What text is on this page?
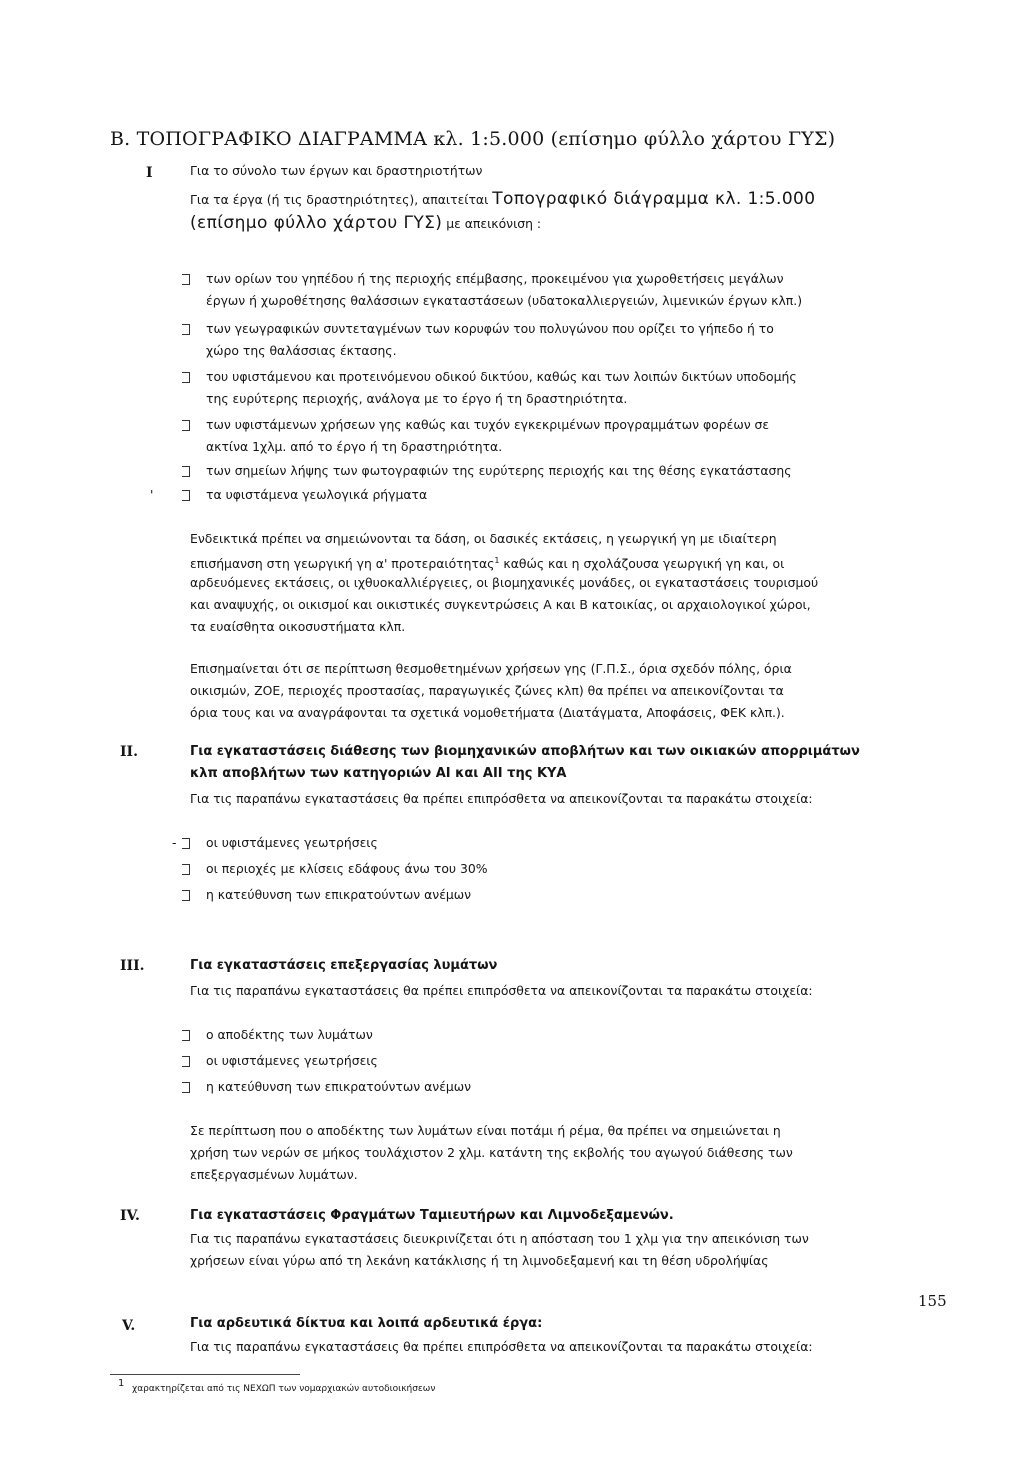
Β. ΤΟΠΟΓΡΑΦΙΚΟ ΔΙΑΓΡΑΜΜΑ κλ. 1:5.000 (επίσημο φύλλο χάρτου ΓΥΣ)
Ι	Για το σύνολο των έργων και δραστηριοτήτων
Για τα έργα (ή τις δραστηριότητες), απαιτείται Τοπογραφικό διάγραμμα κλ. 1:5.000
(επίσημο φύλλο χάρτου ΓΥΣ) με απεικόνιση :
των ορίων του γηπέδου ή της περιοχής επέμβασης, προκειμένου για χωροθετήσεις μεγάλων
έργων ή χωροθέτησης θαλάσσιων εγκαταστάσεων (υδατοκαλλιεργειών, λιμενικών έργων κλπ.)
των γεωγραφικών συντεταγμένων των κορυφών του πολυγώνου που ορίζει το γήπεδο ή το
χώρο της θαλάσσιας έκτασης.
του υφιστάμενου και προτεινόμενου οδικού δικτύου, καθώς και των λοιπών δικτύων υποδομής
της ευρύτερης περιοχής, ανάλογα με το έργο ή τη δραστηριότητα.
των υφιστάμενων χρήσεων γης καθώς και τυχόν εγκεκριμένων προγραμμάτων φορέων σε
ακτίνα 1χλμ. από το έργο ή τη δραστηριότητα.
των σημείων λήψης των φωτογραφιών της ευρύτερης περιοχής και της θέσης εγκατάστασης
'	τα υφιστάμενα γεωλογικά ρήγματα
Ενδεικτικά πρέπει να σημειώνονται τα δάση, οι δασικές εκτάσεις, η γεωργική γη με ιδιαίτερη
επισήμανση στη γεωργική γη α' προτεραιότητας$^1$ καθώς και η σχολάζουσα γεωργική γη και, οι
αρδευόμενες εκτάσεις, οι ιχθυοκαλλιέργειες, οι βιομηχανικές μονάδες, οι εγκαταστάσεις τουρισμού
και αναψυχής, οι οικισμοί και οικιστικές συγκεντρώσεις Α και Β κατοικίας, οι αρχαιολογικοί χώροι,
τα ευαίσθητα οικοσυστήματα κλπ.
Επισημαίνεται ότι σε περίπτωση θεσμοθετημένων χρήσεων γης (Γ.Π.Σ., όρια σχεδόν πόλης, όρια
οικισμών, ΖΟΕ, περιοχές προστασίας, παραγωγικές ζώνες κλπ) θα πρέπει να απεικονίζονται τα
όρια τους και να αναγράφονται τα σχετικά νομοθετήματα (Διατάγματα, Αποφάσεις, ΦΕΚ κλπ.).
ΙΙ.	Για εγκαταστάσεις διάθεσης των βιομηχανικών αποβλήτων και των οικιακών απορριμάτων
κλπ αποβλήτων των κατηγοριών ΑΙ και ΑΙΙ της ΚΥΑ
Για τις παραπάνω εγκαταστάσεις θα πρέπει επιπρόσθετα να απεικονίζονται τα παρακάτω στοιχεία:
- οι υφιστάμενες γεωτρήσεις
οι περιοχές με κλίσεις εδάφους άνω του 30%
η κατεύθυνση των επικρατούντων ανέμων
ΙΙΙ.	Για εγκαταστάσεις επεξεργασίας λυμάτων
Για τις παραπάνω εγκαταστάσεις θα πρέπει επιπρόσθετα να απεικονίζονται τα παρακάτω στοιχεία:
ο αποδέκτης των λυμάτων
οι υφιστάμενες γεωτρήσεις
η κατεύθυνση των επικρατούντων ανέμων
Σε περίπτωση που ο αποδέκτης των λυμάτων είναι ποτάμι ή ρέμα, θα πρέπει να σημειώνεται η
χρήση των νερών σε μήκος τουλάχιστον 2 χλμ. κατάντη της εκβολής του αγωγού διάθεσης των
επεξεργασμένων λυμάτων.
ΙV.	Για εγκαταστάσεις Φραγμάτων Ταμιευτήρων και Λιμνοδεξαμενών.
Για τις παραπάνω εγκαταστάσεις διευκρινίζεται ότι η απόσταση του 1 χλμ για την απεικόνιση των
χρήσεων είναι γύρω από τη λεκάνη κατάκλισης ή τη λιμνοδεξαμενή και τη θέση υδρολήψίας
155
V.	Για αρδευτικά δίκτυα και λοιπά αρδευτικά έργα:
Για τις παραπάνω εγκαταστάσεις θα πρέπει επιπρόσθετα να απεικονίζονται τα παρακάτω στοιχεία:
1 χαρακτηρίζεται από τις ΝΕΧΩΠ των νομαρχιακών αυτοδιοικήσεων
